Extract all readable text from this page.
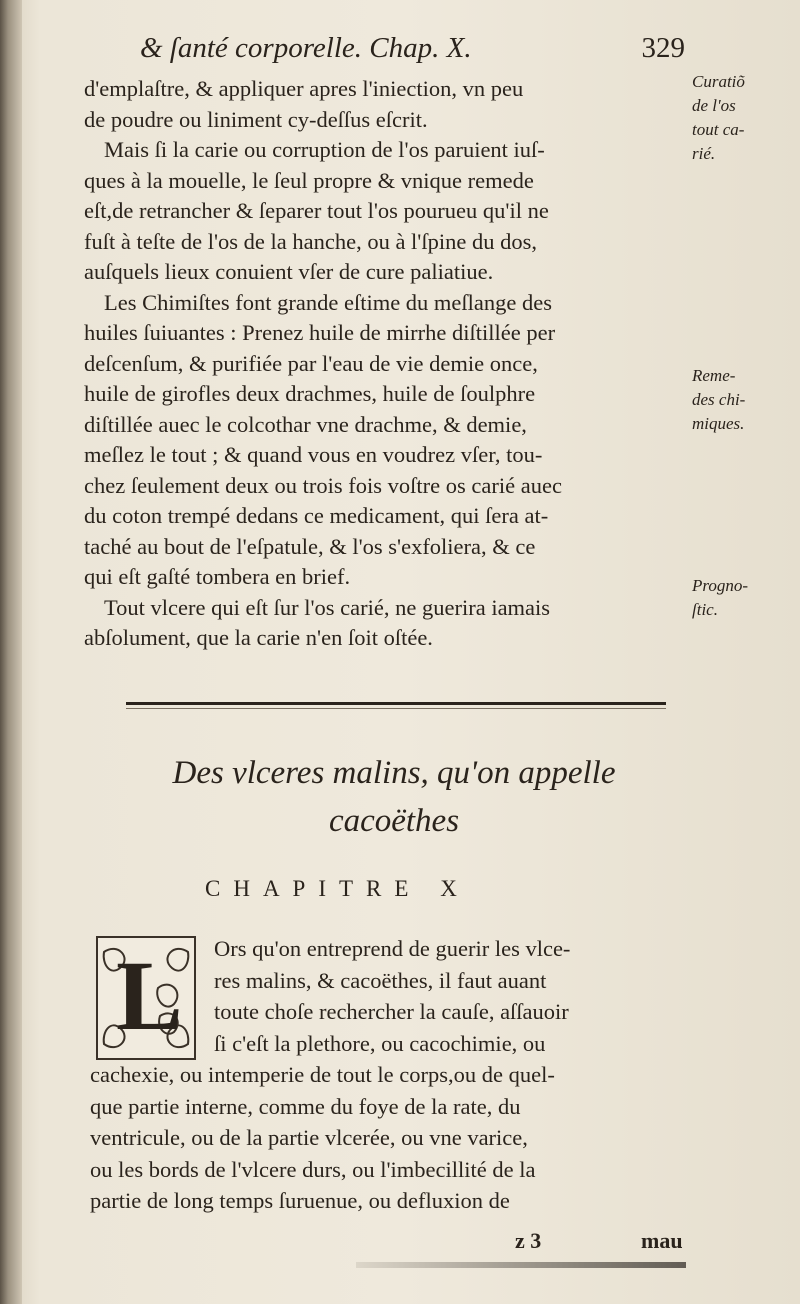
& ſanté corporelle. Chap. X.	329
d'emplaſtre, & appliquer apres l'iniection, vn peu
de poudre ou liniment cy-deſſus eſcrit.
Mais ſi la carie ou corruption de l'os paruient iuſ-
ques à la mouelle, le ſeul propre & vnique remede
eſt,de retrancher & ſeparer tout l'os pourueu qu'il ne
fuſt à teſte de l'os de la hanche, ou à l'ſpine du dos,
auſquels lieux conuient vſer de cure paliatiue.
Les Chimiſtes font grande eſtime du meſlange des
huiles ſuiuantes : Prenez huile de mirrhe diſtillée per
deſcenſum, & purifiée par l'eau de vie demie once,
huile de girofles deux drachmes, huile de ſoulphre
diſtillée auec le colcothar vne drachme, & demie,
meſlez le tout ; & quand vous en voudrez vſer, tou-
chez ſeulement deux ou trois fois voſtre os carié auec
du coton trempé dedans ce medicament, qui ſera at-
taché au bout de l'eſpatule, & l'os s'exfoliera, & ce
qui eſt gaſté tombera en brief.
Tout vlcere qui eſt ſur l'os carié, ne guerira iamais
abſolument, que la carie n'en ſoit oſtée.
Curatiõ
de l'os
tout ca-
rié.
Reme-
des chi-
miques.
Progno-
ſtic.
Des vlceres malins, qu'on appelle
cacoëthes
CHAPITRE X
L Ors qu'on entreprend de guerir les vlce-
res malins, & cacoëthes, il faut auant
toute choſe rechercher la cauſe, aſſauoir
ſi c'eſt la plethore, ou cacochimie, ou
cachexie, ou intemperie de tout le corps,ou de quel-
que partie interne, comme du foye de la rate, du
ventricule, ou de la partie vlcerée, ou vne varice,
ou les bords de l'vlcere durs, ou l'imbecillité de la
partie de long temps ſuruenue, ou defluxion de
z 3	mau
